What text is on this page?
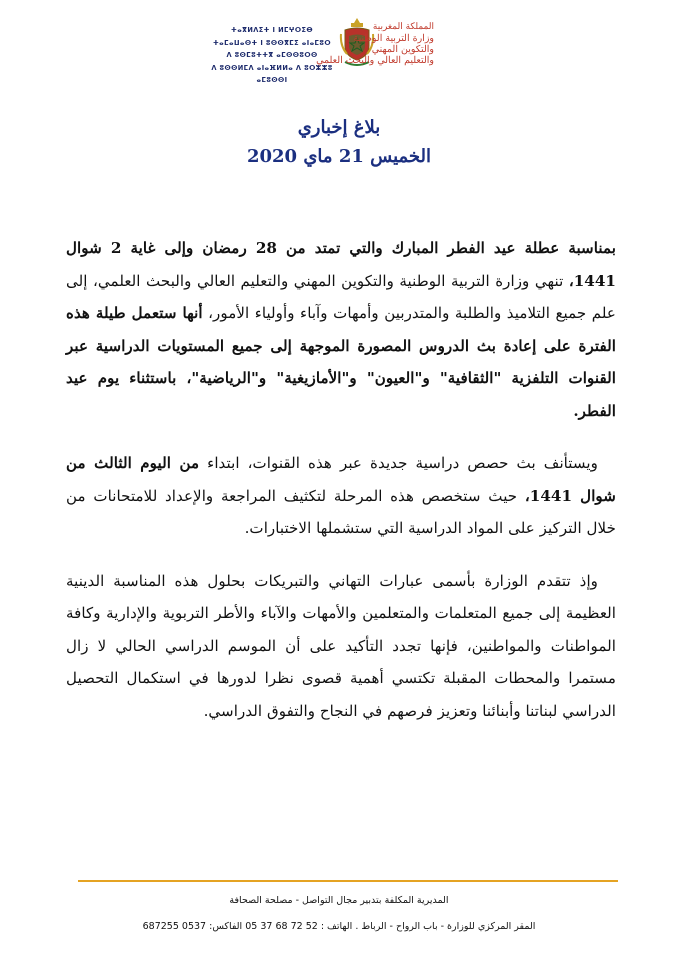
ⵜⴰⴳⵍⴷⵉⵜ ⵏ ⵍⵎⵖⵔⵉⴱ
ⵜⴰⵎⴰⵡⴰⵙⵜ ⵏ ⵓⵙⵙⴳⵎⵉ ⴰⵏⴰⵎⵓⵔ
ⴷ ⵓⵙⵎⵓⵜⵜⴳ ⴰⵎⵙⵙⵓⵔⵙ
ⴷ ⵓⵙⵙⵍⵎⴷ ⴰⵏⴰⴼⵍⵍⴰ ⴷ ⵓⵔⵣⵣⵓ ⴰⵎⵓⵙⵙⵏ
المملكة المغربية
وزارة التربية الوطنية
والتكوين المهني
والتعليم العالي والبحث العلمي
بلاغ إخباري
الخميس 21 ماي 2020

بمناسبة عطلة عيد الفطر المبارك والتي تمتد من 28 رمضان وإلى غاية 2 شوال 1441، تنهي وزارة التربية الوطنية والتكوين المهني والتعليم العالي والبحث العلمي، إلى علم جميع التلاميذ والطلبة والمتدربين وأمهات وآباء وأولياء الأمور، أنها ستعمل طيلة هذه الفترة على إعادة بث الدروس المصورة الموجهة إلى جميع المستويات الدراسية عبر القنوات التلفزية "الثقافية" و"العيون" و"الأمازيغية" و"الرياضية"، باستثناء يوم عيد الفطر.

ويستأنف بث حصص دراسية جديدة عبر هذه القنوات، ابتداء من اليوم الثالث من شوال 1441، حيث ستخصص هذه المرحلة لتكثيف المراجعة والإعداد للامتحانات من خلال التركيز على المواد الدراسية التي ستشملها الاختبارات.

وإذ تتقدم الوزارة بأسمى عبارات التهاني والتبريكات بحلول هذه المناسبة الدينية العظيمة إلى جميع المتعلمات والمتعلمين والأمهات والآباء والأطر التربوية والإدارية وكافة المواطنات والمواطنين، فإنها تجدد التأكيد على أن الموسم الدراسي الحالي لا زال مستمرا والمحطات المقبلة تكتسي أهمية قصوى نظرا لدورها في استكمال التحصيل الدراسي لبناتنا وأبنائنا وتعزيز فرصهم في النجاح والتفوق الدراسي.

المديرية المكلفة بتدبير مجال التواصل - مصلحة الصحافة
المقر المركزي للوزارة - باب الرواح - الرباط . الهاتف : 52 72 68 37 05 الفاكس: 0537 687255
